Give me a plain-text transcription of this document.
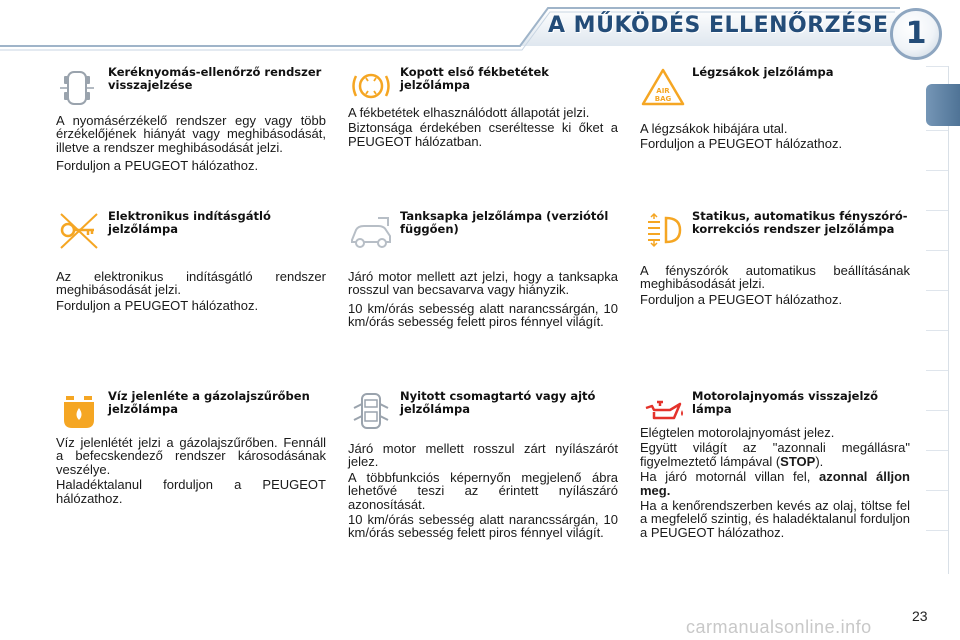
A MŰKÖDÉS ELLENŐRZÉSE 1
Keréknyomás-ellenőrző rendszer visszajelzése

A nyomásérzékelő rendszer egy vagy több érzékelőjének hiányát vagy meghibásodását, illetve a rendszer meghibásodását jelzi.

Forduljon a PEUGEOT hálózathoz.

Kopott első fékbetétek jelzőlámpa

A fékbetétek elhasználódott állapotát jelzi.

Biztonsága érdekében cseréltesse ki őket a PEUGEOT hálózatban.

AIR
BAG
Légzsákok jelzőlámpa

A légzsákok hibájára utal.

Forduljon a PEUGEOT hálózathoz.

Elektronikus indításgátló jelzőlámpa

Az elektronikus indításgátló rendszer meghibásodását jelzi.

Forduljon a PEUGEOT hálózathoz.

Tanksapka jelzőlámpa (verziótól függően)

Járó motor mellett azt jelzi, hogy a tanksapka rosszul van becsavarva vagy hiányzik.

10 km/órás sebesség alatt narancssárgán, 10 km/órás sebesség felett piros fénnyel világít.

Statikus, automatikus fényszóró-korrekciós rendszer jelzőlámpa

A fényszórók automatikus beállításának meghibásodását jelzi.

Forduljon a PEUGEOT hálózathoz.

Víz jelenléte a gázolajszűrőben jelzőlámpa

Víz jelenlétét jelzi a gázolajszűrőben. Fennáll a befecskendező rendszer károsodásának veszélye.

Haladéktalanul forduljon a PEUGEOT hálózathoz.

Nyitott csomagtartó vagy ajtó jelzőlámpa

Járó motor mellett rosszul zárt nyílászárót jelez.

A többfunkciós képernyőn megjelenő ábra lehetővé teszi az érintett nyílászáró azonosítását.

10 km/órás sebesség alatt narancssárgán, 10 km/órás sebesség felett piros fénnyel világít.

Motorolajnyomás visszajelző lámpa

Elégtelen motorolajnyomást jelez.

Együtt világít az "azonnali megállásra" figyelmeztető lámpával (STOP).

Ha járó motornál villan fel, azonnal álljon meg.

Ha a kenőrendszerben kevés az olaj, töltse fel a megfelelő szintig, és haladéktalanul forduljon a PEUGEOT hálózathoz.

23
carmanualsonline.info
